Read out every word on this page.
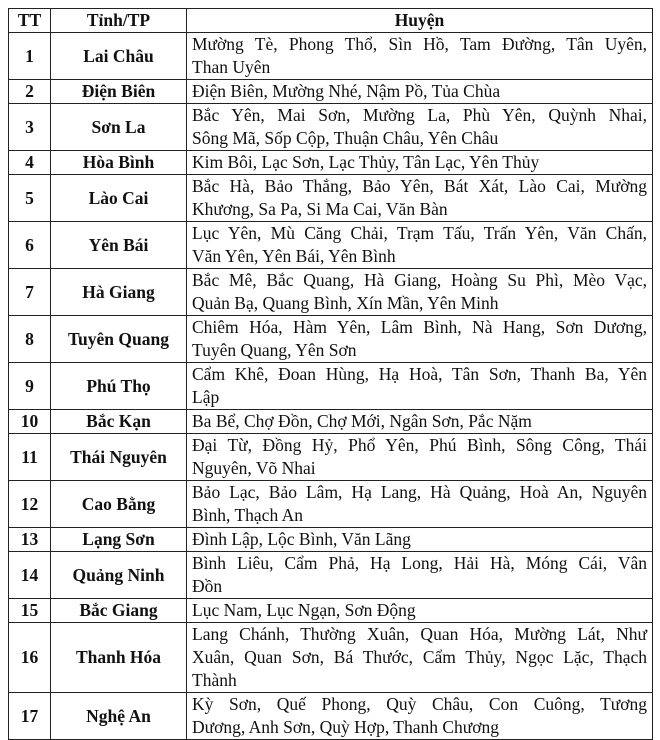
TT	Tỉnh/TP	Huyện
1	Lai Châu	Mường Tè, Phong Thổ, Sìn Hồ, Tam Đường, Tân Uyên,
Than Uyên

2	Điện Biên	Điện Biên, Mường Nhé, Nậm Pồ, Tủa Chùa

3	Sơn La	Bắc Yên, Mai Sơn, Mường La, Phù Yên, Quỳnh Nhai,
Sông Mã, Sốp Cộp, Thuận Châu, Yên Châu

4	Hòa Bình	Kim Bôi, Lạc Sơn, Lạc Thủy, Tân Lạc, Yên Thủy

5	Lào Cai	Bắc Hà, Bảo Thắng, Bảo Yên, Bát Xát, Lào Cai, Mường
Khương, Sa Pa, Si Ma Cai, Văn Bàn

6	Yên Bái	Lục Yên, Mù Căng Chải, Trạm Tấu, Trấn Yên, Văn Chấn,
Văn Yên, Yên Bái, Yên Bình

7	Hà Giang	Bắc Mê, Bắc Quang, Hà Giang, Hoàng Su Phì, Mèo Vạc,
Quản Bạ, Quang Bình, Xín Mần, Yên Minh

8	Tuyên Quang	Chiêm Hóa, Hàm Yên, Lâm Bình, Nà Hang, Sơn Dương,
Tuyên Quang, Yên Sơn

9	Phú Thọ	Cẩm Khê, Đoan Hùng, Hạ Hoà, Tân Sơn, Thanh Ba, Yên
Lập

10	Bắc Kạn	Ba Bể, Chợ Đồn, Chợ Mới, Ngân Sơn, Pắc Nặm

11	Thái Nguyên	Đại Từ, Đồng Hỷ, Phổ Yên, Phú Bình, Sông Công, Thái
Nguyên, Võ Nhai

12	Cao Bằng	Bảo Lạc, Bảo Lâm, Hạ Lang, Hà Quảng, Hoà An, Nguyên
Bình, Thạch An

13	Lạng Sơn	Đình Lập, Lộc Bình, Văn Lãng

14	Quảng Ninh	Bình Liêu, Cẩm Phả, Hạ Long, Hải Hà, Móng Cái, Vân
Đồn

15	Bắc Giang	Lục Nam, Lục Ngạn, Sơn Động

16	Thanh Hóa	Lang Chánh, Thường Xuân, Quan Hóa, Mường Lát, Như
Xuân, Quan Sơn, Bá Thước, Cẩm Thủy, Ngọc Lặc, Thạch
Thành

17	Nghệ An	Kỳ Sơn, Quế Phong, Quỳ Châu, Con Cuông, Tương
Dương, Anh Sơn, Quỳ Hợp, Thanh Chương
